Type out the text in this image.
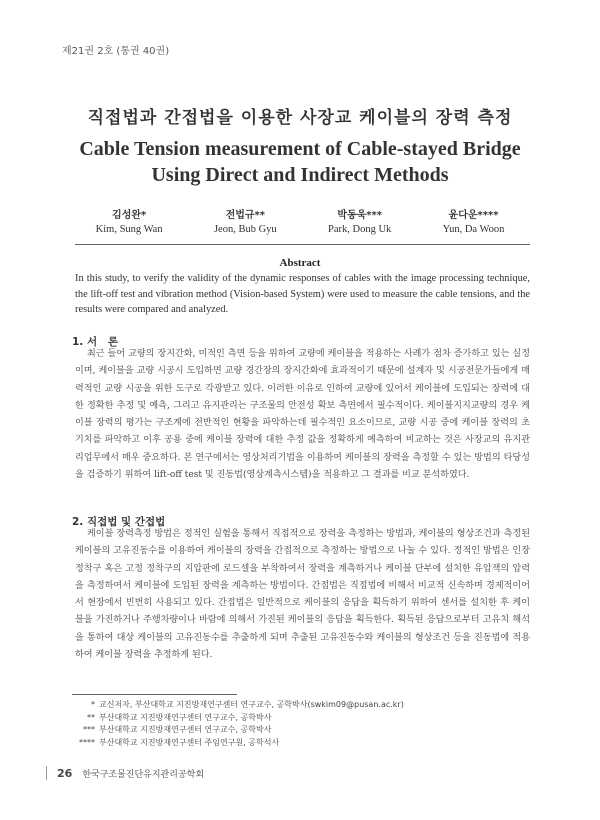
제21권 2호 (통권 40권)
직접법과 간접법을 이용한 사장교 케이블의 장력 측정
Cable Tension measurement of Cable-stayed Bridge Using Direct and Indirect Methods
김성완*
Kim, Sung Wan
전법규**
Jeon, Bub Gyu
박동욱***
Park, Dong Uk
윤다운****
Yun, Da Woon
Abstract
In this study, to verify the validity of the dynamic responses of cables with the image processing technique, the lift-off test and vibration method (Vision-based System) were used to measure the cable tensions, and the results were compared and analyzed.
1. 서   론

최근 들어 교량의 장지간화, 미적인 측면 등을 위하여 교량에 케이블을 적용하는 사례가 점차 증가하고 있는 실정이며, 케이블을 교량 시공시 도입하면 교량 경간장의 장지간화에 효과적이기 때문에 설계자 및 시공전문가들에게 매력적인 교량 시공을 위한 도구로 각광받고 있다. 이러한 이유로 인하여 교량에 있어서 케이블에 도입되는 장력에 대한 정확한 추정 및 예측, 그리고 유지관리는 구조물의 안전성 확보 측면에서 필수적이다. 케이블지지교량의 경우 케이블 장력의 평가는 구조계에 전반적인 현황을 파악하는데 필수적인 요소이므로, 교량 시공 중에 케이블 장력의 초기치를 파악하고 이후 공용 중에 케이블 장력에 대한 추정 값을 정확하게 예측하여 비교하는 것은 사장교의 유지관리업무에서 매우 중요하다. 본 연구에서는 영상처리기법을 이용하여 케이블의 장력을 측정할 수 있는 방법의 타당성을 검증하기 위하여 lift-off test 및 진동법(영상계측시스템)을 적용하고 그 결과를 비교 분석하였다.

2. 직접법 및 간접법

케이블 장력측정 방법은 정적인 실험을 통해서 직접적으로 장력을 측정하는 방법과, 케이블의 형상조건과 측정된 케이블의 고유진동수를 이용하여 케이블의 장력을 간접적으로 측정하는 방법으로 나눌 수 있다. 정적인 방법은 인장 정착구 혹은 고정 정착구의 지압판에 로드셀을 부착하여서 장력을 계측하거나 케이블 단부에 설치한 유압잭의 압력을 측정하여서 케이블에 도입된 장력을 계측하는 방법이다. 간접법은 직접법에 비해서 비교적 신속하며 경제적이어서 현장에서 빈번히 사용되고 있다. 간접법은 일반적으로 케이블의 응답을 획득하기 위하여 센서를 설치한 후 케이블을 가진하거나 주행차량이나 바람에 의해서 가진된 케이블의 응답을 획득한다. 획득된 응답으로부터 고유치 해석을 통하여 대상 케이블의 고유진동수를 추출하게 되며 추출된 고유진동수와 케이블의 형상조건 등을 진동법에 적용하여 케이블 장력을 추정하게 된다.

* 교신저자, 부산대학교 지진방재연구센터 연구교수, 공학박사(swkim09@pusan.ac.kr)
** 부산대학교 지진방재연구센터 연구교수, 공학박사
*** 부산대학교 지진방재연구센터 연구교수, 공학박사
**** 부산대학교 지진방재연구센터 주임연구원, 공학석사
26 한국구조물진단유지관리공학회
